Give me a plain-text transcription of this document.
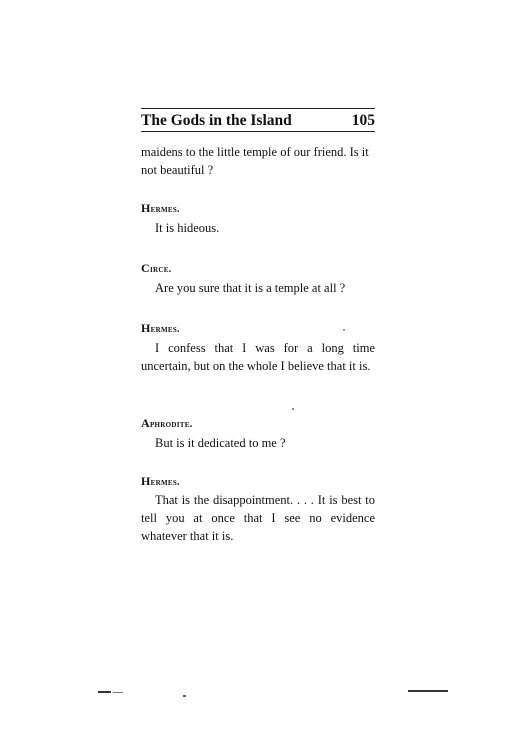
The Gods in the Island	105
maidens to the little temple of our friend. Is it not beautiful ?
Hermes.
It is hideous.
Circe.
Are you sure that it is a temple at all ?
Hermes.
I confess that I was for a long time uncertain, but on the whole I believe that it is.
Aphrodite.
But is it dedicated to me ?
Hermes.
That is the disappointment. . . . It is best to tell you at once that I see no evidence whatever that it is.
